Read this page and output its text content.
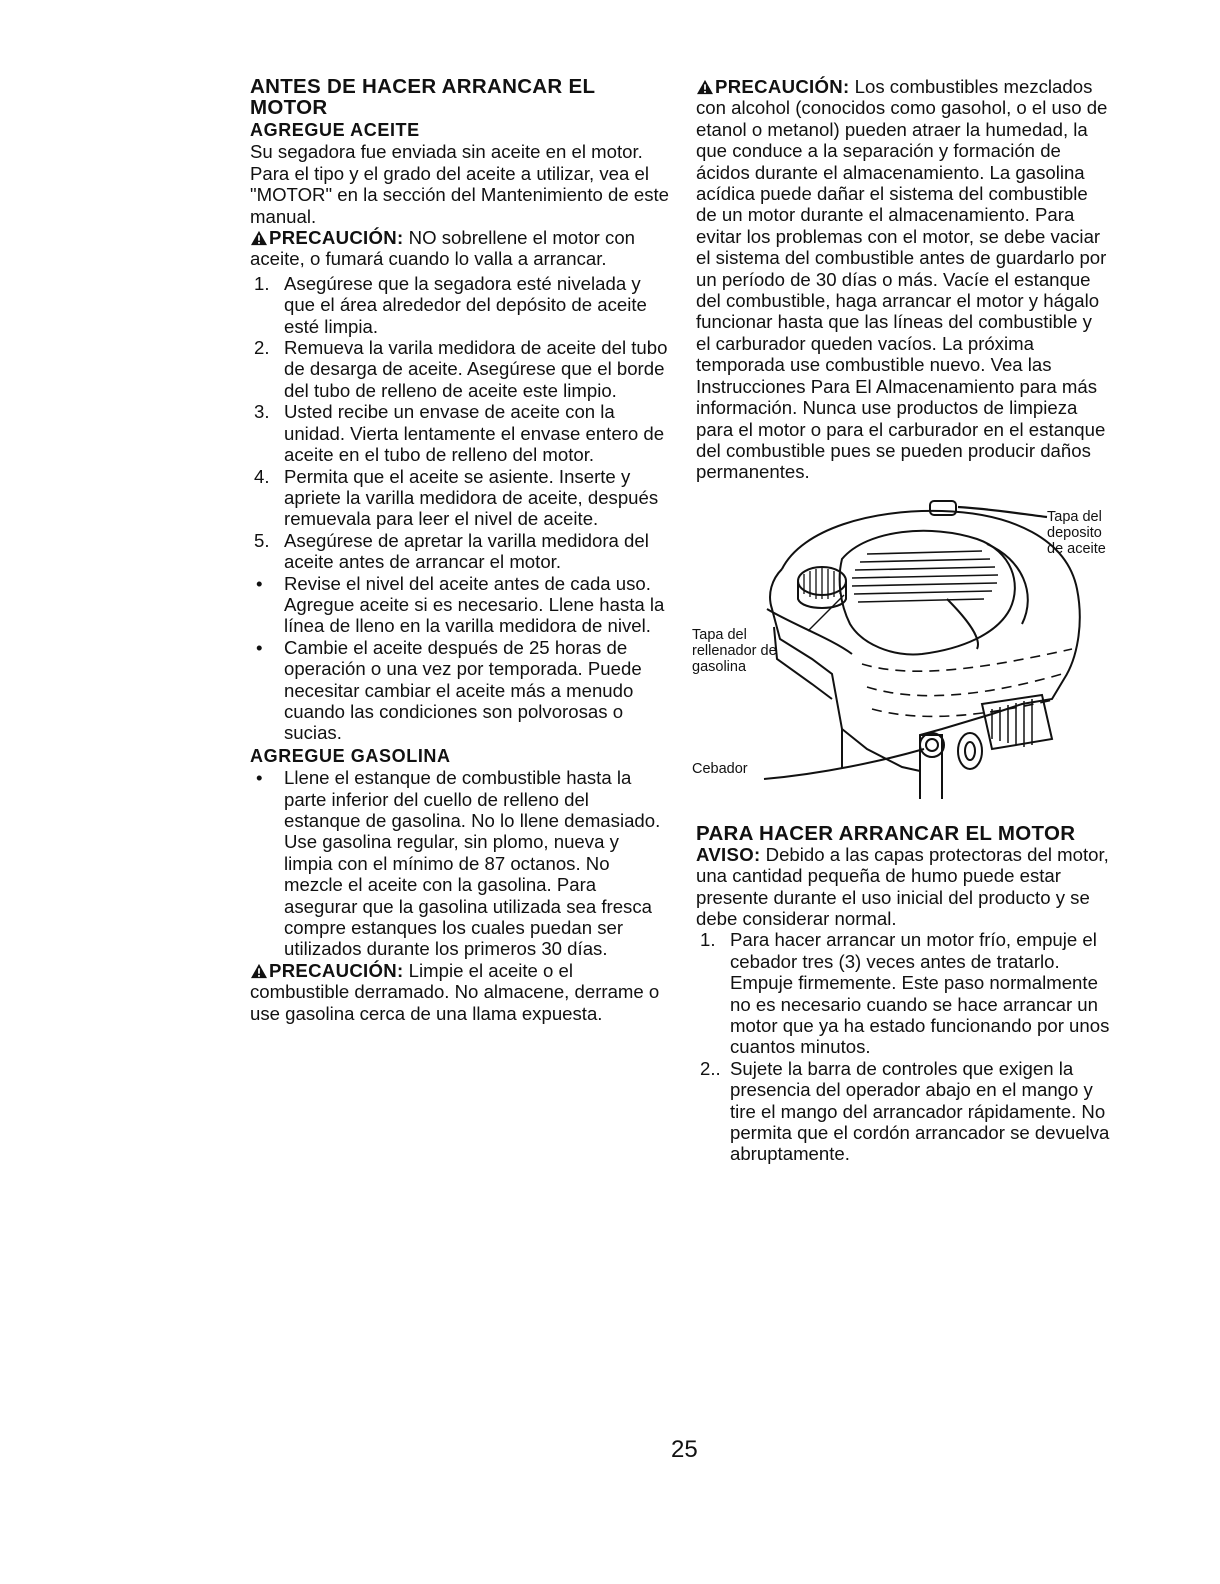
ANTES DE HACER ARRANCAR EL MOTOR
AGREGUE ACEITE

Su segadora fue enviada sin aceite en el motor. Para el tipo y el grado del aceite a utilizar, vea el "MOTOR" en la sección del Mantenimiento de este manual.

PRECAUCIÓN: NO sobrellene el motor con aceite, o fumará cuando lo valla a arrancar.

1. Asegúrese que la segadora esté nivelada y que el área alrededor del depósito de aceite esté limpia.
2. Remueva la varila medidora de aceite del tubo de desarga de aceite. Asegúrese que el borde del tubo de relleno de aceite este limpio.
3. Usted recibe un envase de aceite con la unidad. Vierta lentamente el envase entero de aceite en el tubo de relleno del motor.
4. Permita que el aceite se asiente. Inserte y apriete la varilla medidora de aceite, después remuevala para leer el nivel de aceite.
5. Asegúrese de apretar la varilla medidora del aceite antes de arrancar el motor.
• Revise el nivel del aceite antes de cada uso. Agregue aceite si es necesario. Llene hasta la línea de lleno en la varilla medidora de nivel.
• Cambie el aceite después de 25 horas de operación o una vez por temporada. Puede necesitar cambiar el aceite más a menudo cuando las condiciones son polvorosas o sucias.
AGREGUE GASOLINA
• Llene el estanque de combustible hasta la parte inferior del cuello de relleno del estanque de gasolina. No lo llene demasiado. Use gasolina regular, sin plomo, nueva y limpia con el mínimo de 87 octanos. No mezcle el aceite con la gasolina. Para asegurar que la gasolina utilizada sea fresca compre estanques los cuales puedan ser utilizados durante los primeros 30 días.

PRECAUCIÓN: Limpie el aceite o el combustible derramado. No almacene, derrame o use gasolina cerca de una llama expuesta.

PRECAUCIÓN: Los combustibles mezclados con alcohol (conocidos como gasohol, o el uso de etanol o metanol) pueden atraer la humedad, la que conduce a la separación y formación de ácidos durante el almacenamiento. La gasolina acídica puede dañar el sistema del combustible de un motor durante el almacenamiento. Para evitar los problemas con el motor, se debe vaciar el sistema del combustible antes de guardarlo por un período de 30 días o más. Vacíe el estanque del combustible, haga arrancar el motor y hágalo funcionar hasta que las líneas del combustible y el carburador queden vacíos. La próxima temporada use combustible nuevo. Vea las Instrucciones Para El Almacenamiento para más información. Nunca use productos de limpieza para el motor o para el carburador en el estanque del combustible pues se pueden producir daños permanentes.

Tapa del deposito de aceite
Tapa del rellenador de gasolina
Cebador
PARA HACER ARRANCAR EL MOTOR

AVISO: Debido a las capas protectoras del motor, una cantidad pequeña de humo puede estar presente durante el uso inicial del producto y se debe considerar normal.

1. Para hacer arrancar un motor frío, empuje el cebador tres (3) veces antes de tratarlo. Empuje firmemente. Este paso normalmente no es necesario cuando se hace arrancar un motor que ya ha estado funcionando por unos cuantos minutos.
2.. Sujete la barra de controles que exigen la presencia del operador abajo en el mango y tire el mango del arrancador rápidamente. No permita que el cordón arrancador se devuelva abruptamente.
25
